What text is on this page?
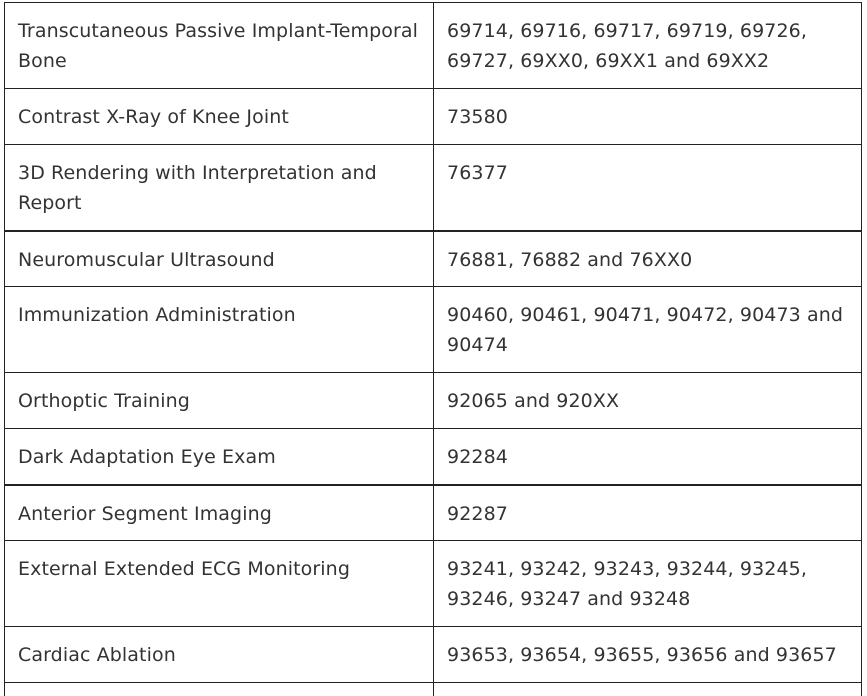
Transcutaneous Passive Implant-Temporal Bone	69714, 69716, 69717, 69719, 69726, 69727, 69XX0, 69XX1 and 69XX2
Contrast X-Ray of Knee Joint	73580
3D Rendering with Interpretation and Report	76377
Neuromuscular Ultrasound	76881, 76882 and 76XX0
Immunization Administration	90460, 90461, 90471, 90472, 90473 and 90474
Orthoptic Training	92065 and 920XX
Dark Adaptation Eye Exam	92284
Anterior Segment Imaging	92287
External Extended ECG Monitoring	93241, 93242, 93243, 93244, 93245, 93246, 93247 and 93248
Cardiac Ablation	93653, 93654, 93655, 93656 and 93657
